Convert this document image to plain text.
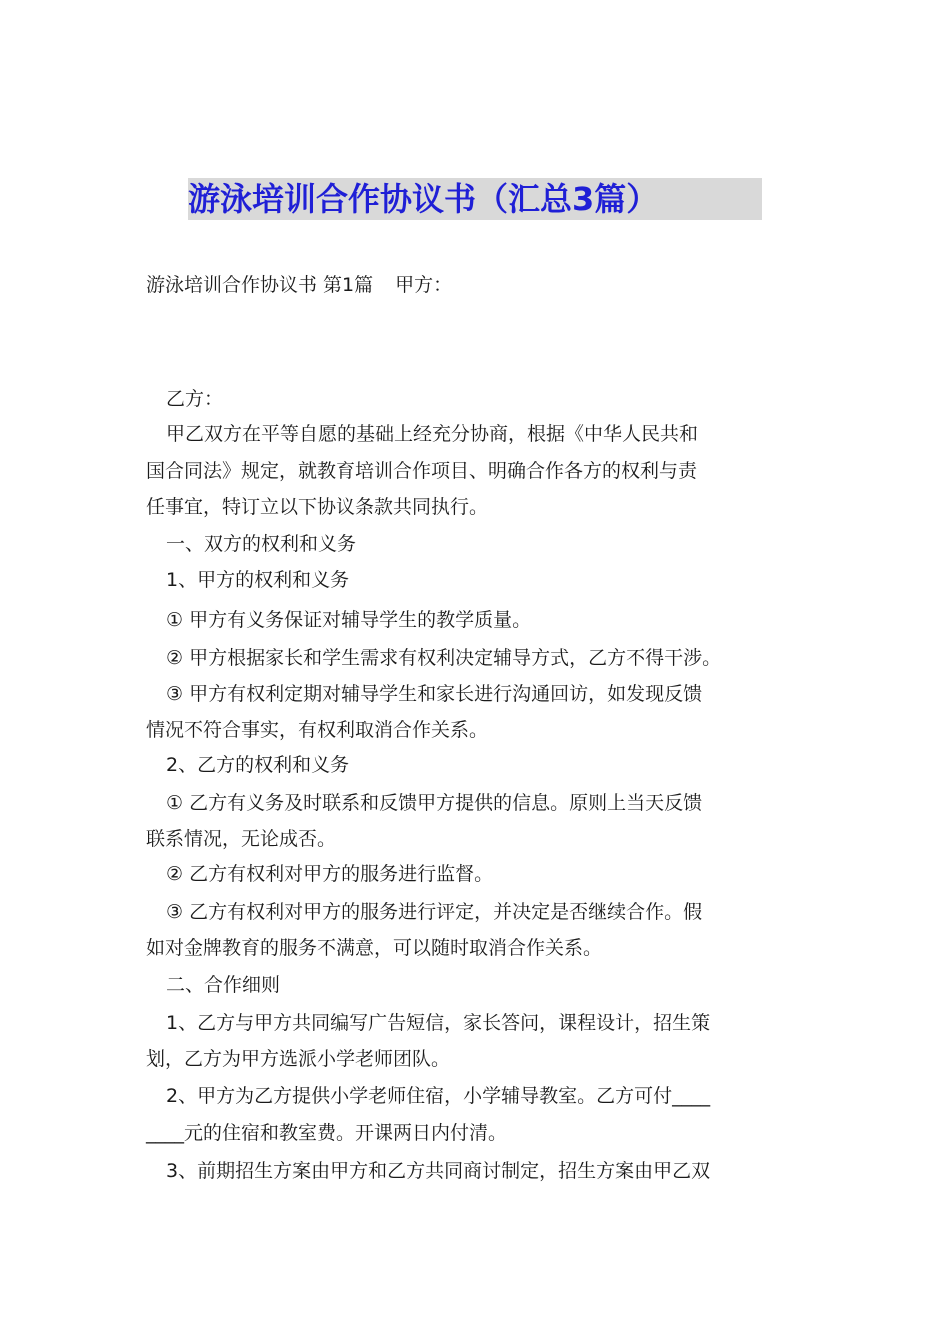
游泳培训合作协议书（汇总3篇）
游泳培训合作协议书 第1篇 甲方：
乙方：
甲乙双方在平等自愿的基础上经充分协商，根据《中华人民共和
国合同法》规定，就教育培训合作项目、明确合作各方的权利与责
任事宜，特订立以下协议条款共同执行。
一、双方的权利和义务
1、甲方的权利和义务
① 甲方有义务保证对辅导学生的教学质量。
② 甲方根据家长和学生需求有权利决定辅导方式，乙方不得干涉。
③ 甲方有权利定期对辅导学生和家长进行沟通回访，如发现反馈
情况不符合事实，有权利取消合作关系。
2、乙方的权利和义务
① 乙方有义务及时联系和反馈甲方提供的信息。原则上当天反馈
联系情况，无论成否。
② 乙方有权利对甲方的服务进行监督。
③ 乙方有权利对甲方的服务进行评定，并决定是否继续合作。假
如对金牌教育的服务不满意，可以随时取消合作关系。
二、合作细则
1、乙方与甲方共同编写广告短信，家长答问，课程设计，招生策
划，乙方为甲方选派小学老师团队。
2、甲方为乙方提供小学老师住宿，小学辅导教室。乙方可付____
____元的住宿和教室费。开课两日内付清。
3、前期招生方案由甲方和乙方共同商讨制定，招生方案由甲乙双
